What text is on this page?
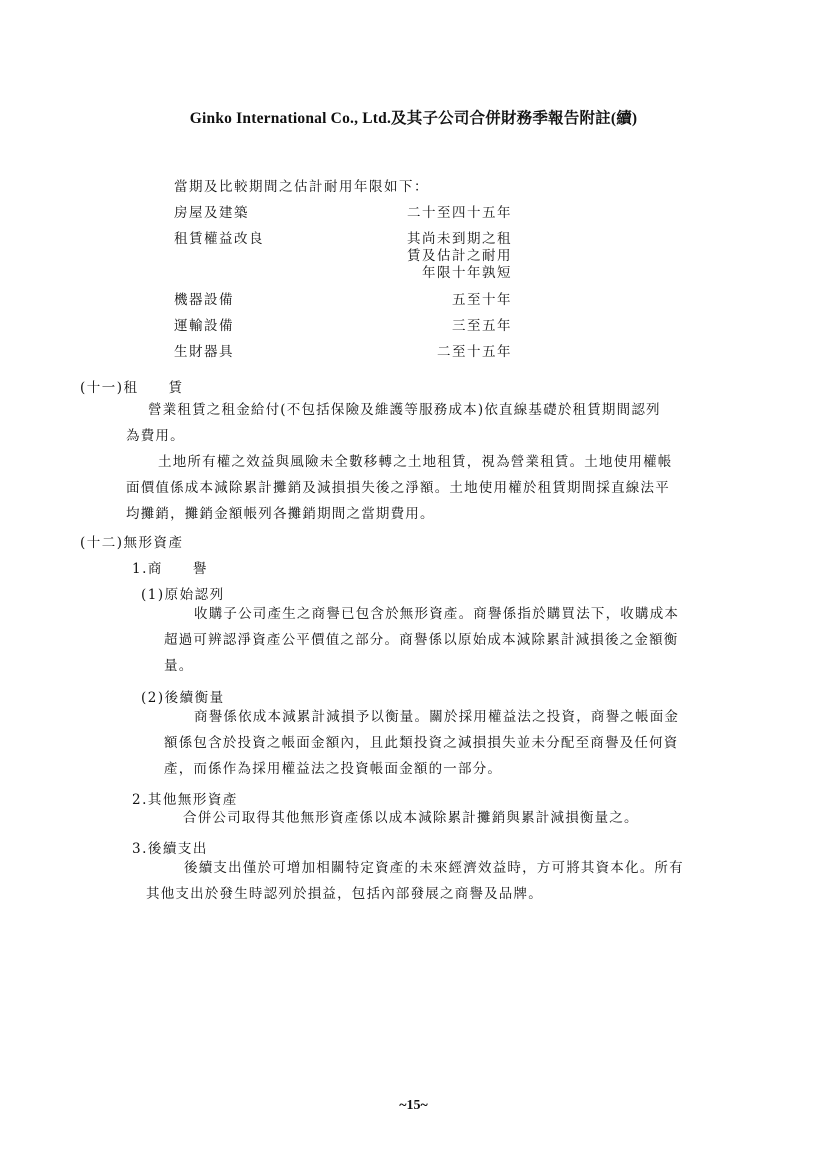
Ginko International Co., Ltd.及其子公司合併財務季報告附註(續)
當期及比較期間之估計耐用年限如下：
房屋及建築	二十至四十五年
租賃權益改良	其尚未到期之租
賃及估計之耐用
年限十年孰短
機器設備	五至十年
運輸設備	三至五年
生財器具	二至十五年
(十一)租　　賃
營業租賃之租金給付(不包括保險及維護等服務成本)依直線基礎於租賃期間認列
為費用。
土地所有權之效益與風險未全數移轉之土地租賃，視為營業租賃。土地使用權帳
面價值係成本減除累計攤銷及減損損失後之淨額。土地使用權於租賃期間採直線法平
均攤銷，攤銷金額帳列各攤銷期間之當期費用。
(十二)無形資產
1.商　　譽
(1)原始認列
收購子公司產生之商譽已包含於無形資產。商譽係指於購買法下，收購成本
超過可辨認淨資產公平價值之部分。商譽係以原始成本減除累計減損後之金額衡
量。
(2)後續衡量
商譽係依成本減累計減損予以衡量。關於採用權益法之投資，商譽之帳面金
額係包含於投資之帳面金額內，且此類投資之減損損失並未分配至商譽及任何資
產，而係作為採用權益法之投資帳面金額的一部分。
2.其他無形資產
合併公司取得其他無形資產係以成本減除累計攤銷與累計減損衡量之。
3.後續支出
後續支出僅於可增加相關特定資產的未來經濟效益時，方可將其資本化。所有
其他支出於發生時認列於損益，包括內部發展之商譽及品牌。
~15~
